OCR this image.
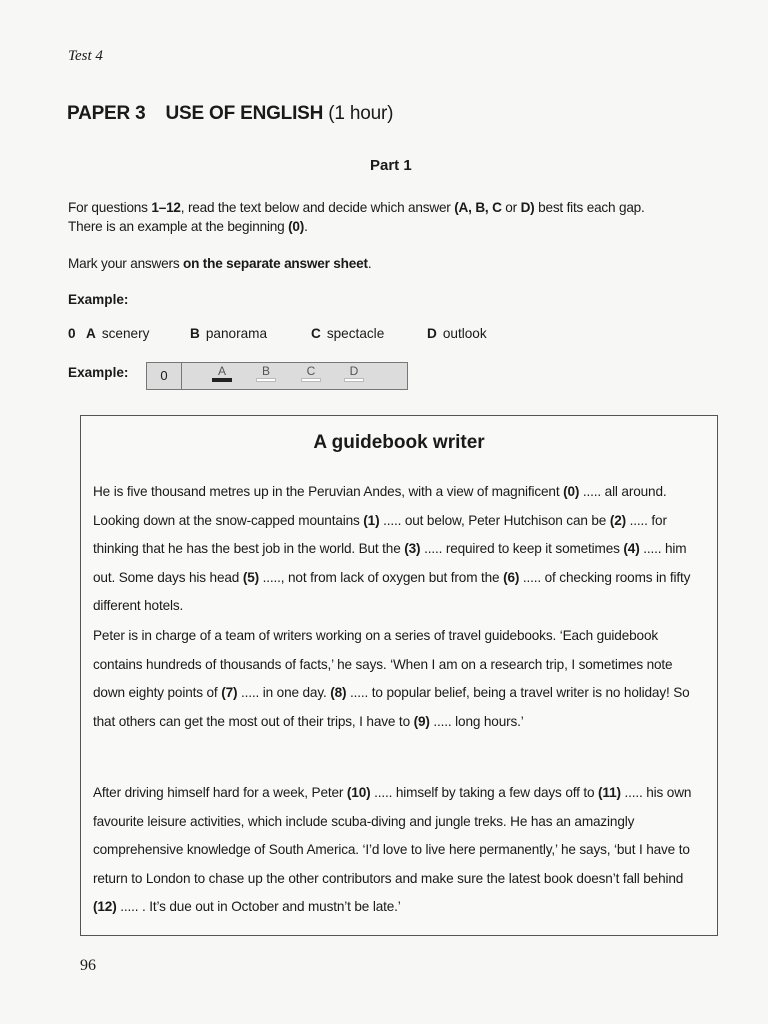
Test 4
PAPER 3 USE OF ENGLISH (1 hour)
Part 1
For questions 1–12, read the text below and decide which answer (A, B, C or D) best fits each gap.
There is an example at the beginning (0).
Mark your answers on the separate answer sheet.
Example:
0 A scenery	B panorama	C spectacle	D outlook
Example:	0	A	B	C	D
A guidebook writer
He is five thousand metres up in the Peruvian Andes, with a view of magnificent (0) ..... all around. Looking down at the snow-capped mountains (1) ..... out below, Peter Hutchison can be (2) ..... for thinking that he has the best job in the world. But the (3) ..... required to keep it sometimes (4) ..... him out. Some days his head (5) ....., not from lack of oxygen but from the (6) ..... of checking rooms in fifty different hotels.
Peter is in charge of a team of writers working on a series of travel guidebooks. ‘Each guidebook contains hundreds of thousands of facts,’ he says. ‘When I am on a research trip, I sometimes note down eighty points of (7) ..... in one day. (8) ..... to popular belief, being a travel writer is no holiday! So that others can get the most out of their trips, I have to (9) ..... long hours.’
After driving himself hard for a week, Peter (10) ..... himself by taking a few days off to (11) ..... his own favourite leisure activities, which include scuba-diving and jungle treks. He has an amazingly comprehensive knowledge of South America. ‘I’d love to live here permanently,’ he says, ‘but I have to return to London to chase up the other contributors and make sure the latest book doesn’t fall behind (12) ..... . It’s due out in October and mustn’t be late.’
96
